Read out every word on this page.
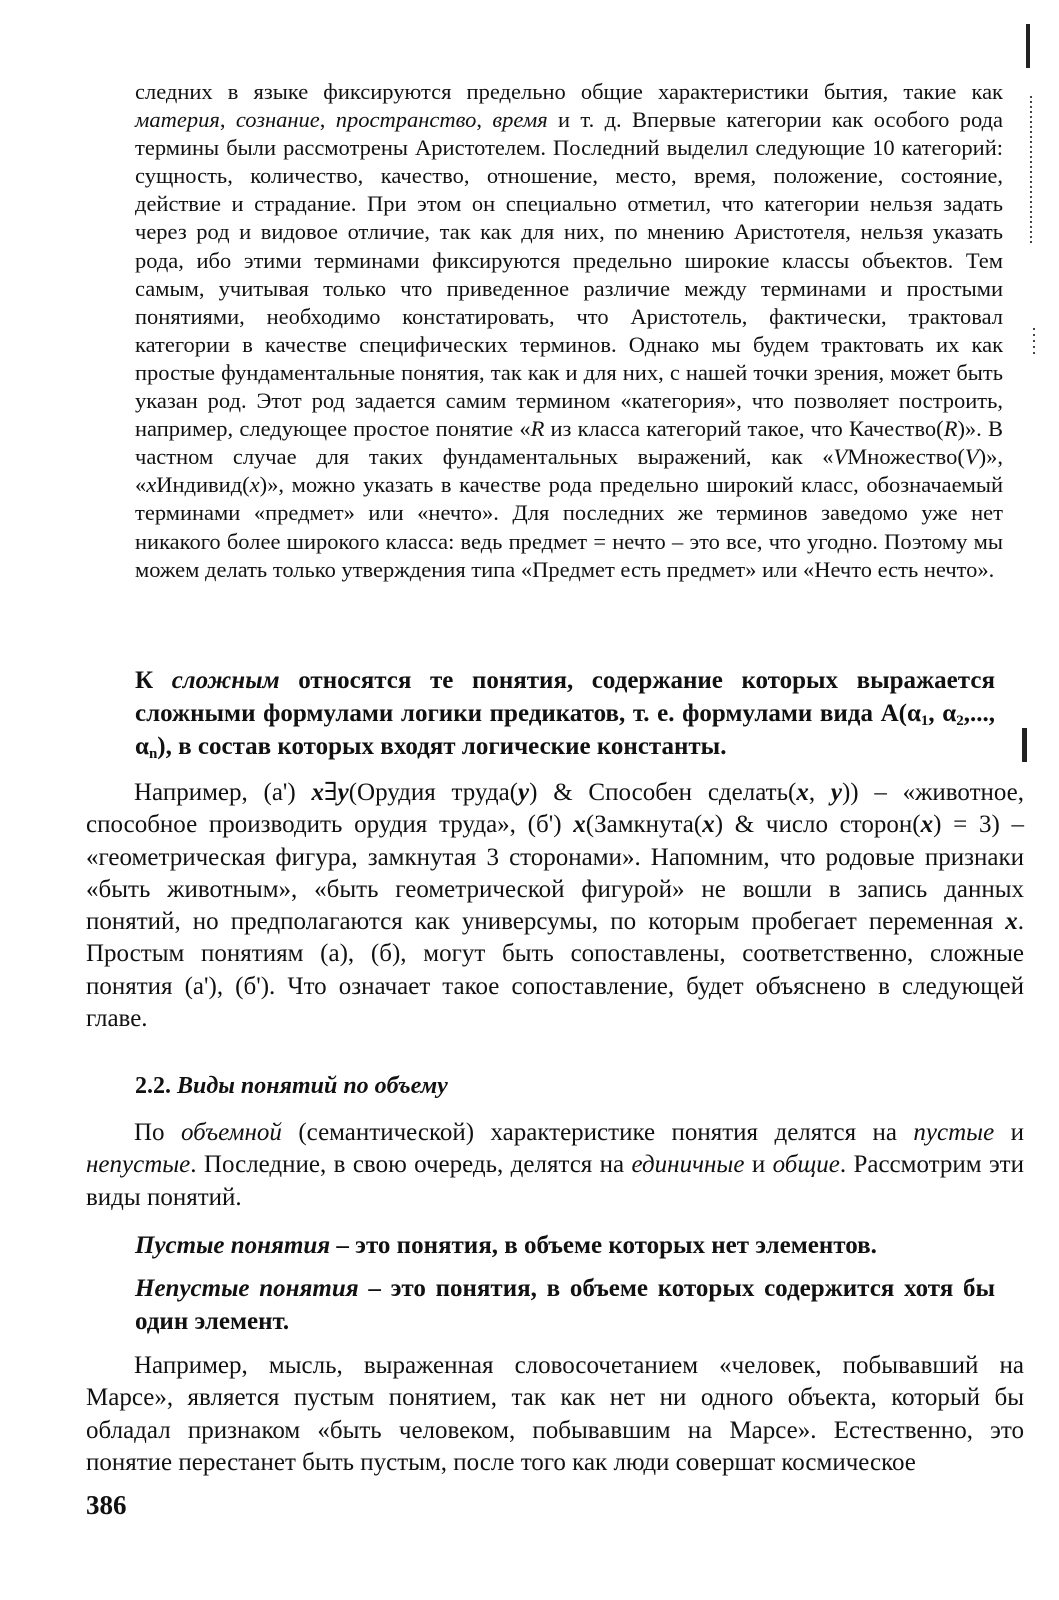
следних в языке фиксируются предельно общие характеристики бытия, такие как материя, сознание, пространство, время и т. д. Впервые категории как особого рода термины были рассмотрены Аристотелем. Последний выделил следующие 10 категорий: сущность, количество, качество, отношение, место, время, положение, состояние, действие и страдание. При этом он специально отметил, что категории нельзя задать через род и видовое отличие, так как для них, по мнению Аристотеля, нельзя указать рода, ибо этими терминами фиксируются предельно широкие классы объектов. Тем самым, учитывая только что приведенное различие между терминами и простыми понятиями, необходимо констатировать, что Аристотель, фактически, трактовал категории в качестве специфических терминов. Однако мы будем трактовать их как простые фундаментальные понятия, так как и для них, с нашей точки зрения, может быть указан род. Этот род задается самим термином «категория», что позволяет построить, например, следующее простое понятие «R из класса категорий такое, что Качество(R)». В частном случае для таких фундаментальных выражений, как «VМножество(V)», «xИндивид(x)», можно указать в качестве рода предельно широкий класс, обозначаемый терминами «предмет» или «нечто». Для последних же терминов заведомо уже нет никакого более широкого класса: ведь предмет = нечто – это все, что угодно. Поэтому мы можем делать только утверждения типа «Предмет есть предмет» или «Нечто есть нечто».

К сложным относятся те понятия, содержание которых выражается сложными формулами логики предикатов, т. е. формулами вида $A(\alpha_1$, $\alpha_2$,..., $\alpha_n$), в состав которых входят логические константы.

Например, (а') x∃y(Орудия труда(y) & Способен сделать(x, y)) – «животное, способное производить орудия труда», (б') x(Замкнута(x) & число сторон(x) = 3) – «геометрическая фигура, замкнутая 3 сторонами». Напомним, что родовые признаки «быть животным», «быть геометрической фигурой» не вошли в запись данных понятий, но предполагаются как универсумы, по которым пробегает переменная x. Простым понятиям (а), (б), могут быть сопоставлены, соответственно, сложные понятия (а'), (б'). Что означает такое сопоставление, будет объяснено в следующей главе.

2.2. Виды понятий по объему

По объемной (семантической) характеристике понятия делятся на пустые и непустые. Последние, в свою очередь, делятся на единичные и общие. Рассмотрим эти виды понятий.

Пустые понятия – это понятия, в объеме которых нет элементов.

Непустые понятия – это понятия, в объеме которых содержится хотя бы один элемент.

Например, мысль, выраженная словосочетанием «человек, побывавший на Марсе», является пустым понятием, так как нет ни одного объекта, который бы обладал признаком «быть человеком, побывавшим на Марсе». Естественно, это понятие перестанет быть пустым, после того как люди совершат космическое

386
